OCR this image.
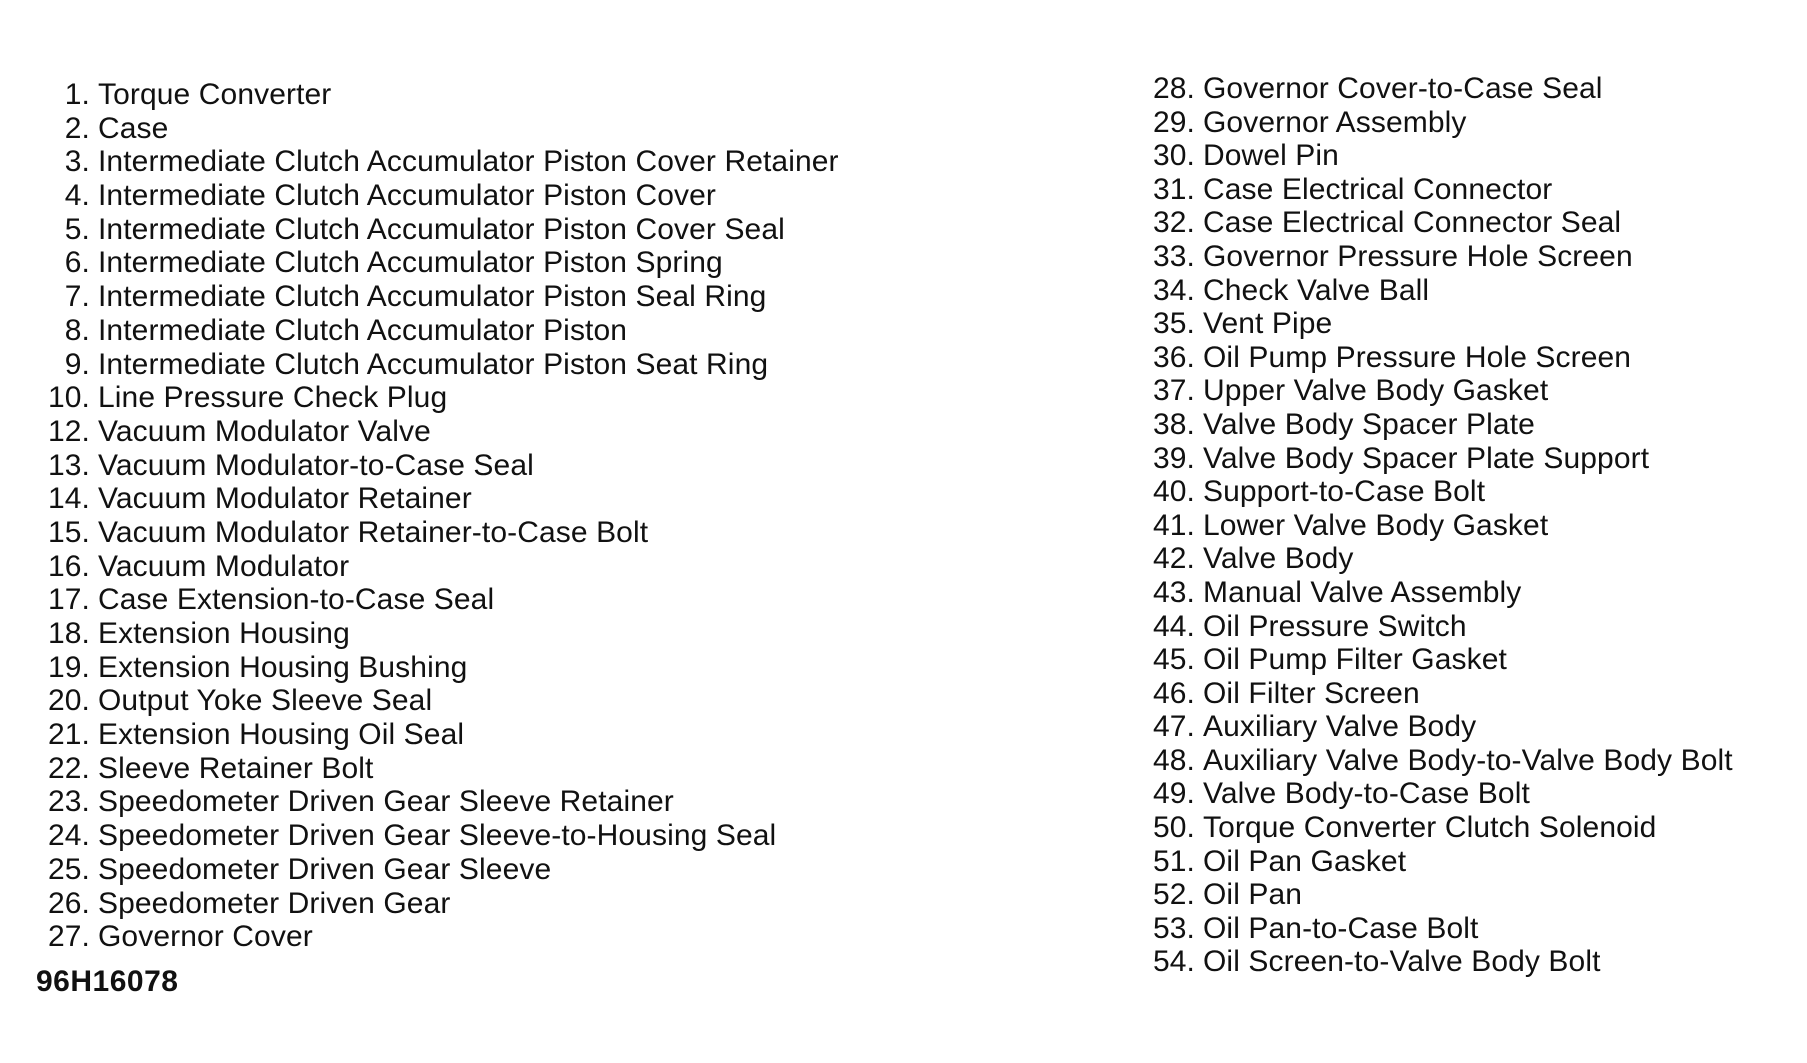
1. Torque Converter
2. Case
3. Intermediate Clutch Accumulator Piston Cover Retainer
4. Intermediate Clutch Accumulator Piston Cover
5. Intermediate Clutch Accumulator Piston Cover Seal
6. Intermediate Clutch Accumulator Piston Spring
7. Intermediate Clutch Accumulator Piston Seal Ring
8. Intermediate Clutch Accumulator Piston
9. Intermediate Clutch Accumulator Piston Seat Ring
10. Line Pressure Check Plug
12. Vacuum Modulator Valve
13. Vacuum Modulator-to-Case Seal
14. Vacuum Modulator Retainer
15. Vacuum Modulator Retainer-to-Case Bolt
16. Vacuum Modulator
17. Case Extension-to-Case Seal
18. Extension Housing
19. Extension Housing Bushing
20. Output Yoke Sleeve Seal
21. Extension Housing Oil Seal
22. Sleeve Retainer Bolt
23. Speedometer Driven Gear Sleeve Retainer
24. Speedometer Driven Gear Sleeve-to-Housing Seal
25. Speedometer Driven Gear Sleeve
26. Speedometer Driven Gear
27. Governor Cover
28. Governor Cover-to-Case Seal
29. Governor Assembly
30. Dowel Pin
31. Case Electrical Connector
32. Case Electrical Connector Seal
33. Governor Pressure Hole Screen
34. Check Valve Ball
35. Vent Pipe
36. Oil Pump Pressure Hole Screen
37. Upper Valve Body Gasket
38. Valve Body Spacer Plate
39. Valve Body Spacer Plate Support
40. Support-to-Case Bolt
41. Lower Valve Body Gasket
42. Valve Body
43. Manual Valve Assembly
44. Oil Pressure Switch
45. Oil Pump Filter Gasket
46. Oil Filter Screen
47. Auxiliary Valve Body
48. Auxiliary Valve Body-to-Valve Body Bolt
49. Valve Body-to-Case Bolt
50. Torque Converter Clutch Solenoid
51. Oil Pan Gasket
52. Oil Pan
53. Oil Pan-to-Case Bolt
54. Oil Screen-to-Valve Body Bolt
96H16078
